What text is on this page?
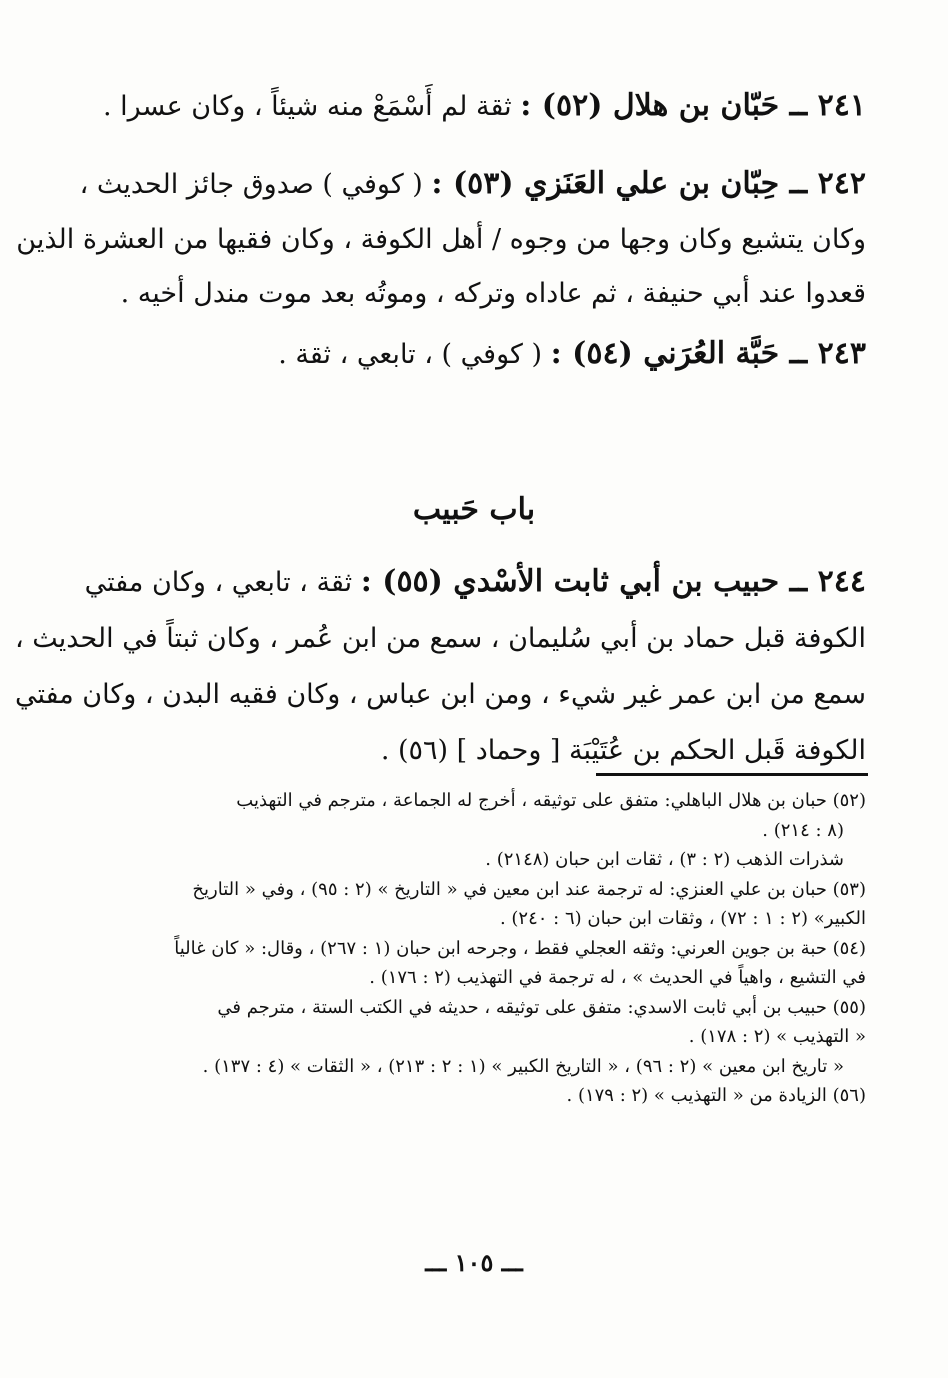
٢٤١ ــ حَبّان بن هلال (٥٢) : ثقة لم أَسْمَعْ منه شيئاً ، وكان عسرا .
٢٤٢ ــ حِبّان بن علي العَنَزي (٥٣) : ( كوفي ) صدوق جائز الحديث ،
وكان يتشيع وكان وجها من وجوه / أهل الكوفة ، وكان فقيها من العشرة الذين
قعدوا عند أبي حنيفة ، ثم عاداه وتركه ، وموتُه بعد موت مندل أخيه .
٢٤٣ ــ حَبَّة العُرَني (٥٤) : ( كوفي ) ، تابعي ، ثقة .
باب حَبيب
٢٤٤ ــ حبيب بن أبي ثابت الأسْدي (٥٥) : ثقة ، تابعي ، وكان مفتي
الكوفة قبل حماد بن أبي سُليمان ، سمع من ابن عُمر ، وكان ثبتاً في الحديث ،
سمع من ابن عمر غير شيء ، ومن ابن عباس ، وكان فقيه البدن ، وكان مفتي
الكوفة قَبل الحكم بن عُتَيْبَة [ وحماد ] (٥٦) .
(٥٢) حبان بن هلال الباهلي: متفق على توثيقه ، أخرج له الجماعة ، مترجم في التهذيب
(٨ : ٢١٤) .
شذرات الذهب (٢ : ٣) ، ثقات ابن حبان (٢١٤٨) .
(٥٣) حبان بن علي العنزي: له ترجمة عند ابن معين في « التاريخ » (٢ : ٩٥) ، وفي « التاريخ
الكبير» (٢ : ١ : ٧٢) ، وثقات ابن حبان (٦ : ٢٤٠) .
(٥٤) حبة بن جوين العرني: وثقه العجلي فقط ، وجرحه ابن حبان (١ : ٢٦٧) ، وقال: « كان غالياً
في التشيع ، واهياً في الحديث » ، له ترجمة في التهذيب (٢ : ١٧٦) .
(٥٥) حبيب بن أبي ثابت الاسدي: متفق على توثيقه ، حديثه في الكتب الستة ، مترجم في
« التهذيب » (٢ : ١٧٨) .
« تاريخ ابن معين » (٢ : ٩٦) ، « التاريخ الكبير » (١ : ٢ : ٢١٣) ، « الثقات » (٤ : ١٣٧) .
(٥٦) الزيادة من « التهذيب » (٢ : ١٧٩) .
ـــ ١٠٥ ـــ
